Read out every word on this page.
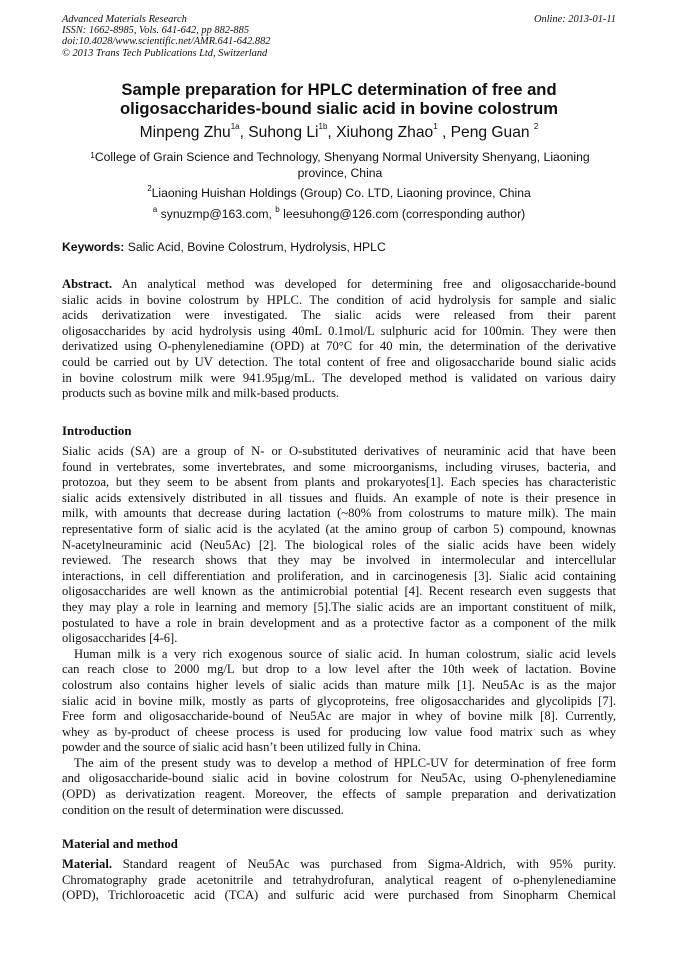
Advanced Materials Research
ISSN: 1662-8985, Vols. 641-642, pp 882-885
doi:10.4028/www.scientific.net/AMR.641-642.882
© 2013 Trans Tech Publications Ltd, Switzerland
Online: 2013-01-11
Sample preparation for HPLC determination of free and
oligosaccharides-bound sialic acid in bovine colostrum
Minpeng Zhu$^{1a}$, Suhong $Li^{1b}$, Xiuhong Zhao$^1$ , Peng Guan $^2$
$^1$College of Grain Science and Technology, Shenyang Normal University Shenyang, Liaoning
province, China
$^2$Liaoning Huishan Holdings (Group) Co. LTD, Liaoning province, China
$^a$ synuzmp@163.com, $^b$ leesuhong@126.com (corresponding author)
Keywords: Salic Acid, Bovine Colostrum, Hydrolysis, HPLC
Abstract. An analytical method was developed for determining free and oligosaccharide-bound
sialic acids in bovine colostrum by HPLC. The condition of acid hydrolysis for sample and sialic
acids derivatization were investigated. The sialic acids were released from their parent
oligosaccharides by acid hydrolysis using 40mL 0.1mol/L sulphuric acid for 100min. They were then
derivatized using O-phenylenediamine (OPD) at 70°C for 40 min, the determination of the derivative
could be carried out by UV detection. The total content of free and oligosaccharide bound sialic acids
in bovine colostrum milk were 941.95μg/mL. The developed method is validated on various dairy
products such as bovine milk and milk-based products.
Introduction
Sialic acids (SA) are a group of N- or O-substituted derivatives of neuraminic acid that have been
found in vertebrates, some invertebrates, and some microorganisms, including viruses, bacteria, and
protozoa, but they seem to be absent from plants and prokaryotes[1]. Each species has characteristic
sialic acids extensively distributed in all tissues and fluids. An example of note is their presence in
milk, with amounts that decrease during lactation (~80% from colostrums to mature milk). The main
representative form of sialic acid is the acylated (at the amino group of carbon 5) compound, knownas
N-acetylneuraminic acid (Neu5Ac) [2]. The biological roles of the sialic acids have been widely
reviewed. The research shows that they may be involved in intermolecular and intercellular
interactions, in cell differentiation and proliferation, and in carcinogenesis [3]. Sialic acid containing
oligosaccharides are well known as the antimicrobial potential [4]. Recent research even suggests that
they may play a role in learning and memory [5].The sialic acids are an important constituent of milk,
postulated to have a role in brain development and as a protective factor as a component of the milk
oligosaccharides [4-6].
Human milk is a very rich exogenous source of sialic acid. In human colostrum, sialic acid levels
can reach close to 2000 mg/L but drop to a low level after the 10th week of lactation. Bovine
colostrum also contains higher levels of sialic acids than mature milk [1]. Neu5Ac is as the major
sialic acid in bovine milk, mostly as parts of glycoproteins, free oligosaccharides and glycolipids [7].
Free form and oligosaccharide-bound of Neu5Ac are major in whey of bovine milk [8]. Currently,
whey as by-product of cheese process is used for producing low value food matrix such as whey
powder and the source of sialic acid hasn’t been utilized fully in China.
The aim of the present study was to develop a method of HPLC-UV for determination of free form
and oligosaccharide-bound sialic acid in bovine colostrum for Neu5Ac, using O-phenylenediamine
(OPD) as derivatization reagent. Moreover, the effects of sample preparation and derivatization
condition on the result of determination were discussed.
Material and method
Material. Standard reagent of Neu5Ac was purchased from Sigma-Aldrich, with 95% purity.
Chromatography grade acetonitrile and tetrahydrofuran, analytical reagent of o-phenylenediamine
(OPD), Trichloroacetic acid (TCA) and sulfuric acid were purchased from Sinopharm Chemical
